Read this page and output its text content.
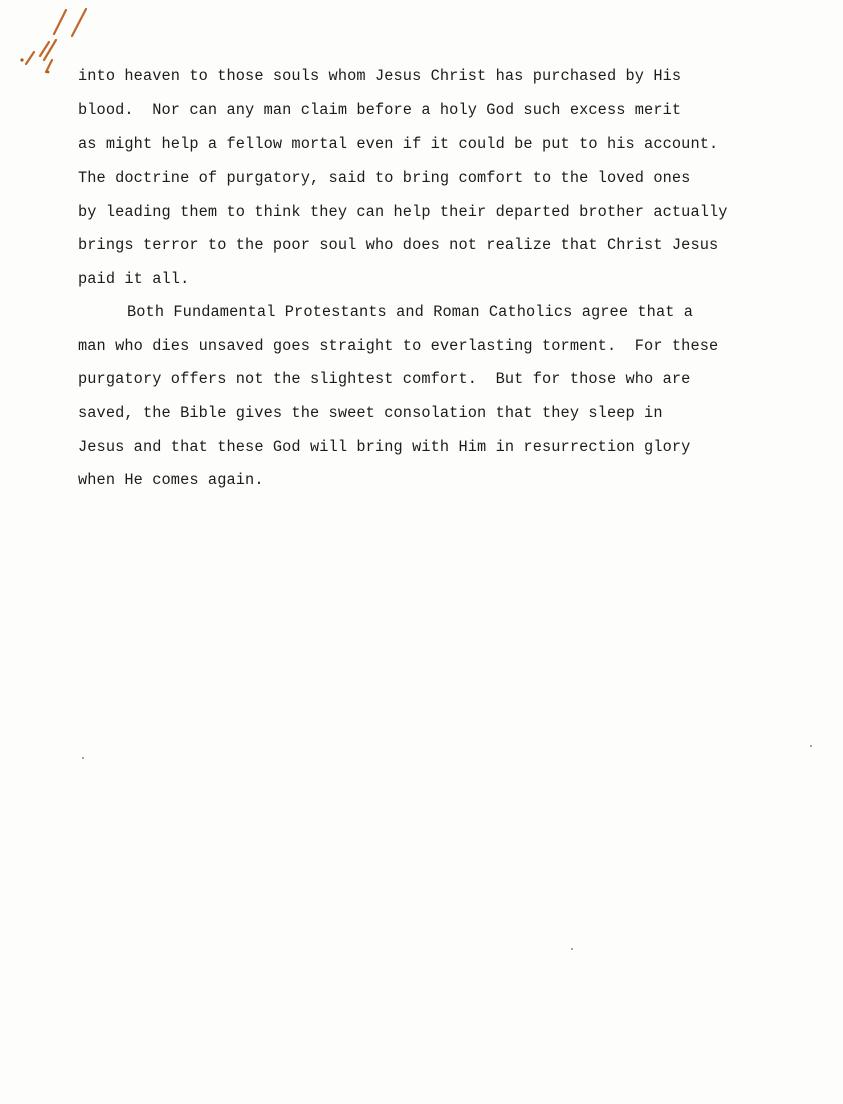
into heaven to those souls whom Jesus Christ has purchased by His
blood.  Nor can any man claim before a holy God such excess merit
as might help a fellow mortal even if it could be put to his account.
The doctrine of purgatory, said to bring comfort to the loved ones
by leading them to think they can help their departed brother actually
brings terror to the poor soul who does not realize that Christ Jesus
paid it all.
Both Fundamental Protestants and Roman Catholics agree that a
man who dies unsaved goes straight to everlasting torment.  For these
purgatory offers not the slightest comfort.  But for those who are
saved, the Bible gives the sweet consolation that they sleep in
Jesus and that these God will bring with Him in resurrection glory
when He comes again.
